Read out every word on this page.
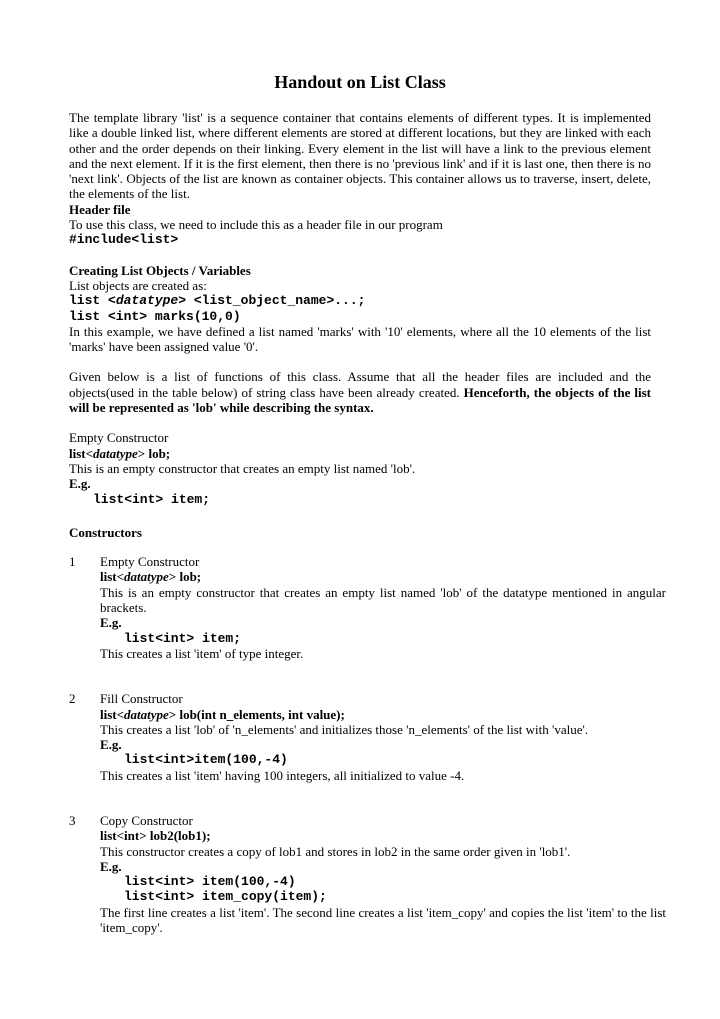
Handout on List Class

The template library 'list' is a sequence container that contains elements of different types. It is implemented like a double linked list, where different elements are stored at different locations, but they are linked with each other and the order depends on their linking. Every element in the list will have a link to the previous element and the next element. If it is the first element, then there is no 'previous link' and if it is last one, then there is no 'next link'. Objects of the list are known as container objects. This container allows us to traverse, insert, delete, the elements of the list.

Header file

To use this class, we need to include this as a header file in our program

#include<list>

Creating List Objects / Variables

List objects are created as:

list <datatype> <list_object_name>...;

list <int> marks(10,0)

In this example, we have defined a list named 'marks' with '10' elements, where all the 10 elements of the list 'marks' have been assigned value '0'.

Given below is a list of functions of this class. Assume that all the header files are included and the objects(used in the table below) of string class have been already created. Henceforth, the objects of the list will be represented as 'lob' while describing the syntax.

Empty Constructor

list<datatype> lob;

This is an empty constructor that creates an empty list named 'lob'.

E.g.

list<int> item;

Constructors

1 Empty Constructor

list<datatype> lob;

This is an empty constructor that creates an empty list named 'lob' of the datatype mentioned in angular brackets.

E.g.

list<int> item;

This creates a list 'item' of type integer.

2 Fill Constructor

list<datatype> lob(int n_elements, int value);

This creates a list 'lob' of 'n_elements' and initializes those 'n_elements' of the list with 'value'.

E.g.

list<int>item(100,-4)

This creates a list 'item' having 100 integers, all initialized to value -4.

3 Copy Constructor

list<int> lob2(lob1);

This constructor creates a copy of lob1 and stores in lob2 in the same order given in 'lob1'.

E.g.

list<int> item(100,-4)

list<int> item_copy(item);

The first line creates a list 'item'. The second line creates a list 'item_copy' and copies the list 'item' to the list 'item_copy'.
